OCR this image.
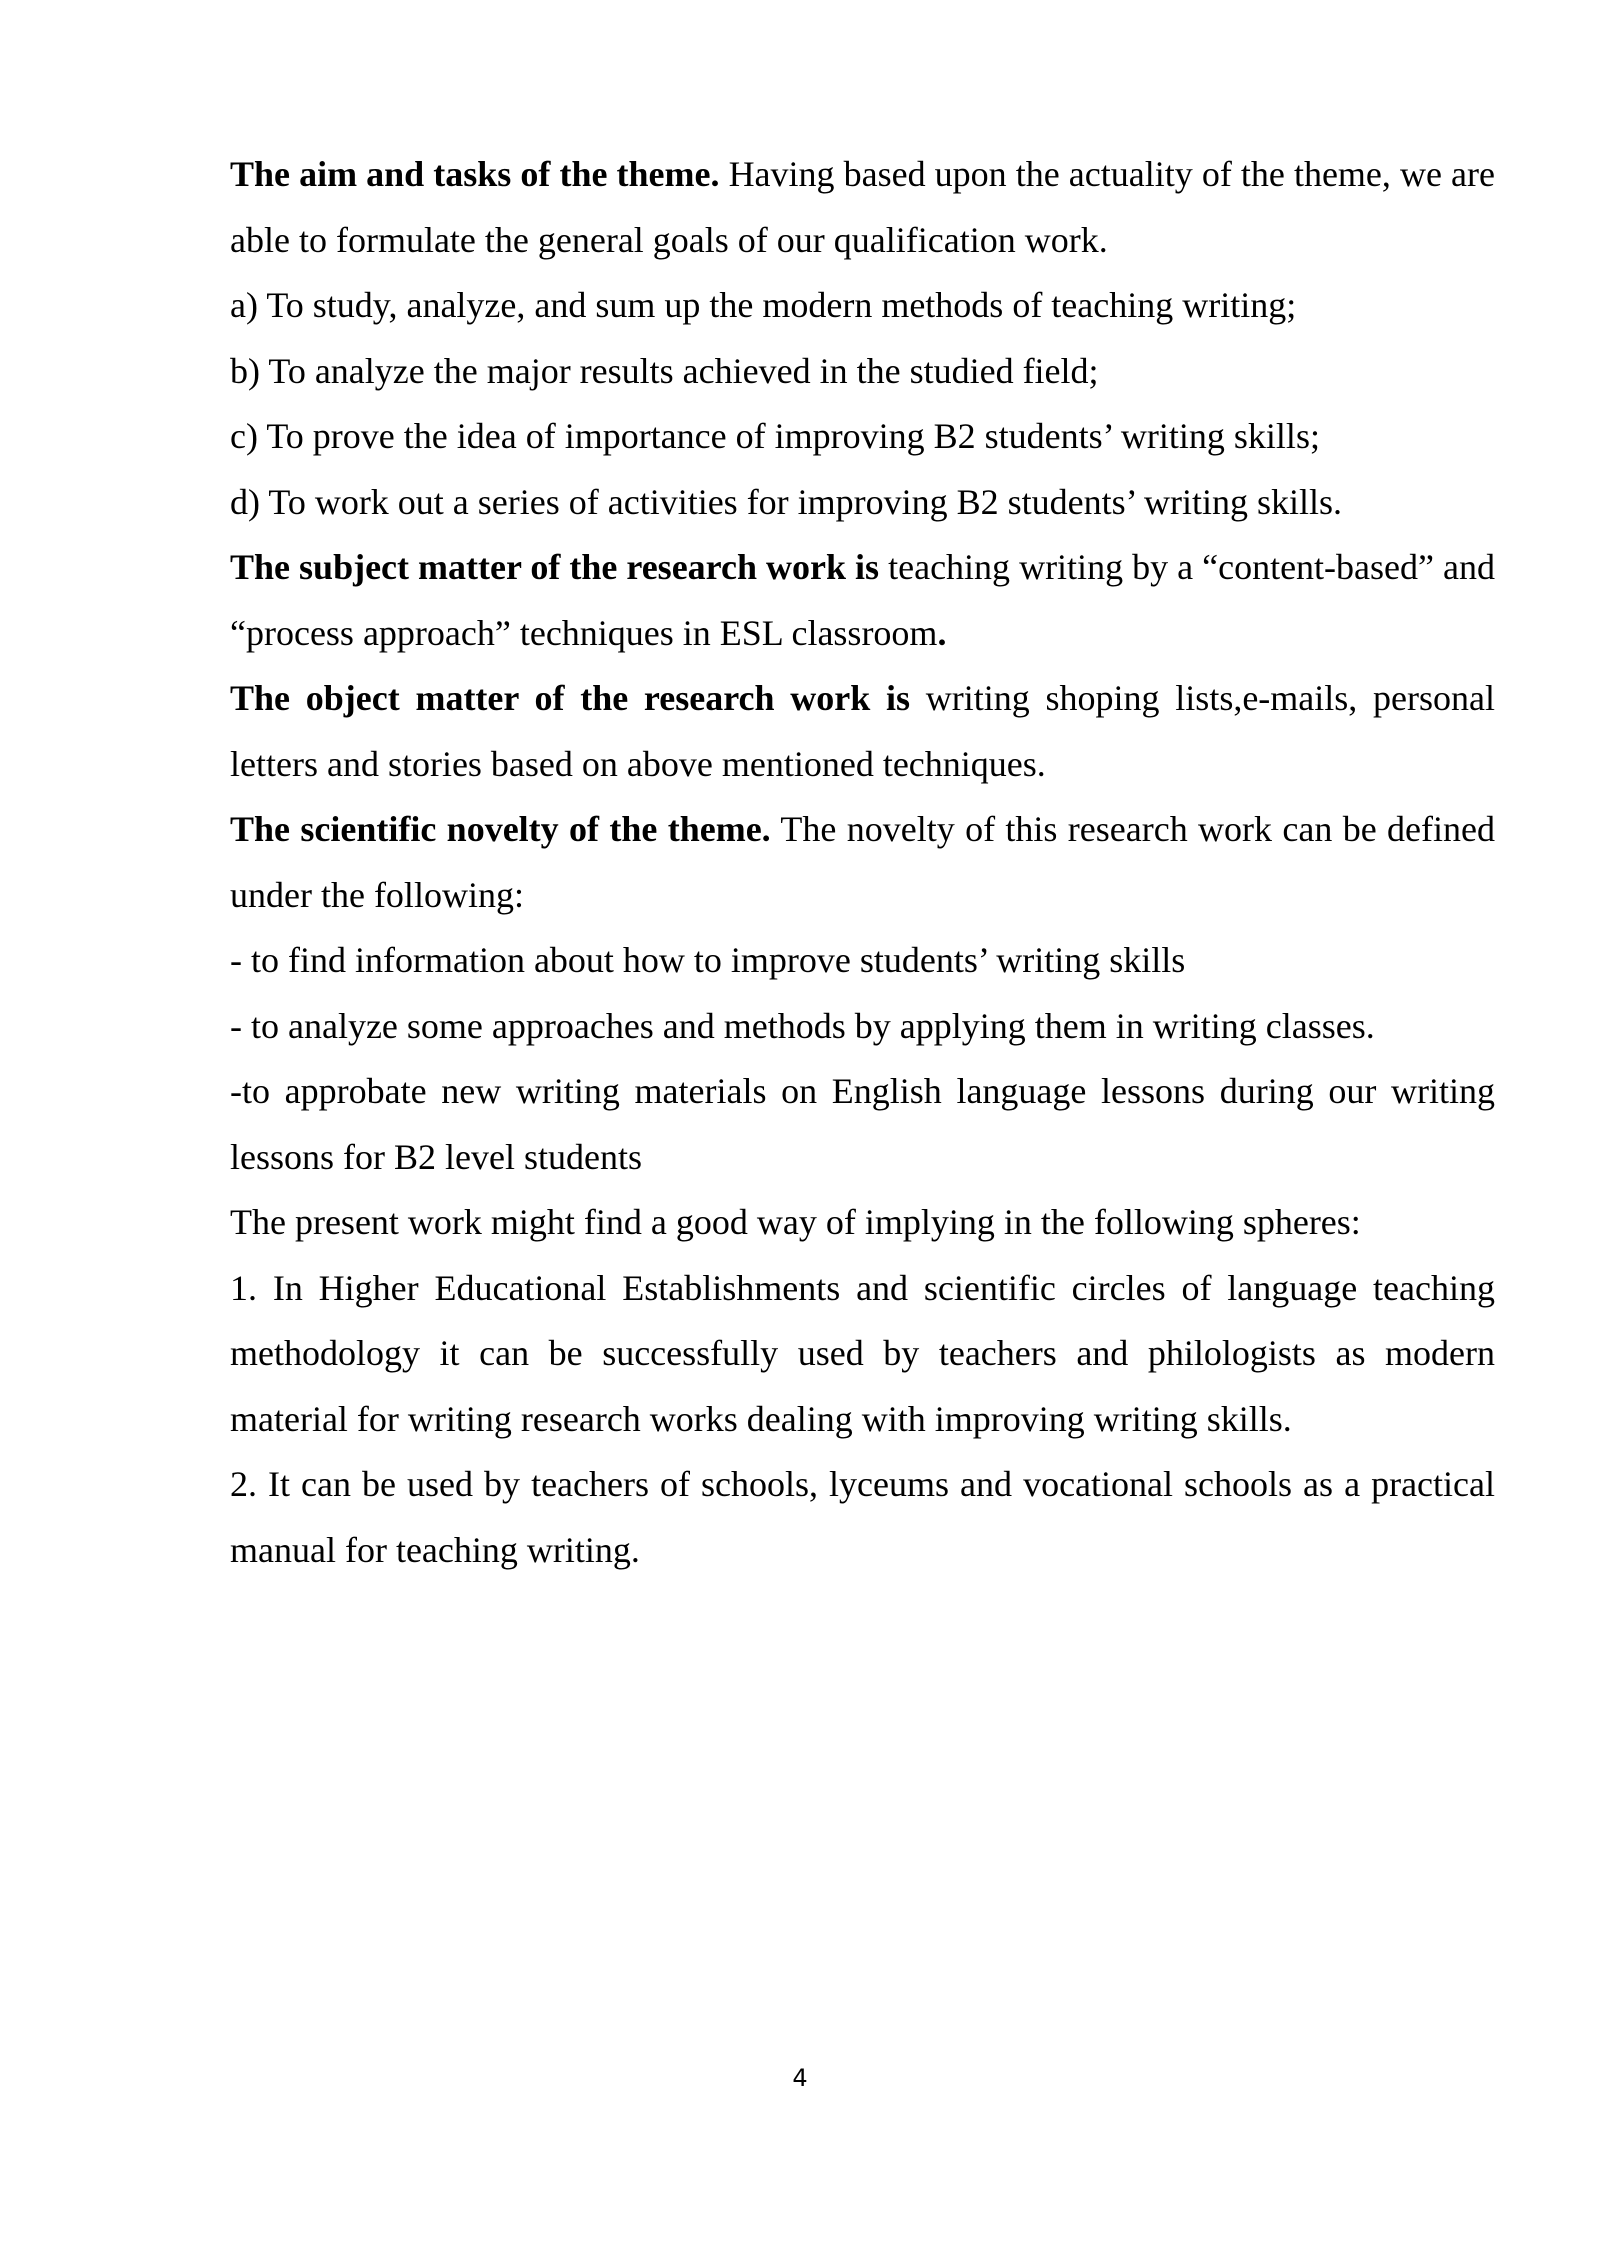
The aim and tasks of the theme. Having based upon the actuality of the theme, we are able to formulate the general goals of our qualification work.

a) To study, analyze, and sum up the modern methods of teaching writing;

b) To analyze the major results achieved in the studied field;

c) To prove the idea of importance of improving B2 students’ writing skills;

d) To work out a series of activities for improving B2 students’ writing skills.

The subject matter of the research work is teaching writing by a “content-based” and “process approach” techniques in ESL classroom.

The object matter of the research work is writing shoping lists,e-mails, personal letters and stories based on above mentioned techniques.

The scientific novelty of the theme. The novelty of this research work can be defined under the following:

- to find information about how to improve students’ writing skills

- to analyze some approaches and methods by applying them in writing classes.

-to approbate new writing materials on English language lessons during our writing lessons for B2 level students

The present work might find a good way of implying in the following spheres:

1. In Higher Educational Establishments and scientific circles of language teaching methodology it can be successfully used by teachers and philologists as modern material for writing research works dealing with improving writing skills.

2. It can be used by teachers of schools, lyceums and vocational schools as a practical manual for teaching writing.

4
